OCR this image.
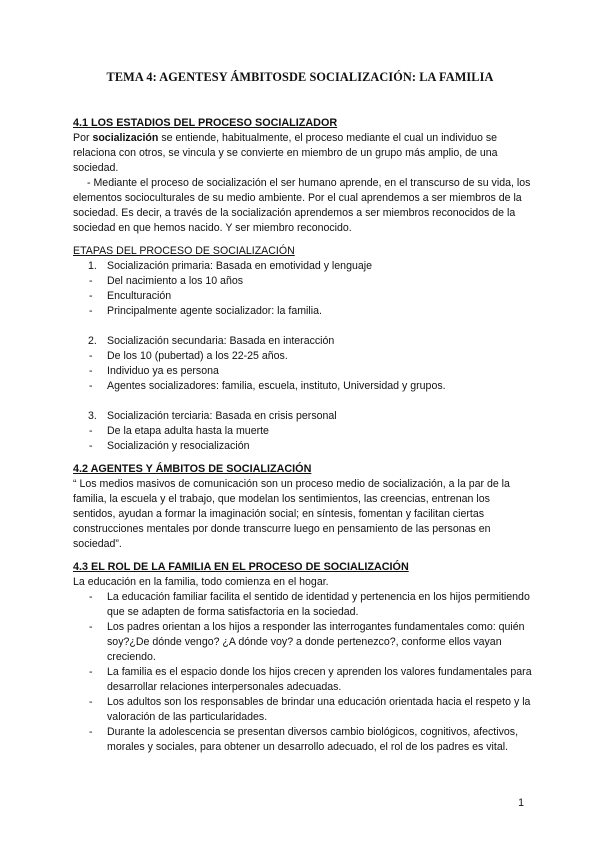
TEMA 4: AGENTESY ÁMBITOSDE SOCIALIZACIÓN: LA FAMILIA

4.1 LOS ESTADIOS DEL PROCESO SOCIALIZADOR

Por socialización se entiende, habitualmente, el proceso mediante el cual un individuo se relaciona con otros, se vincula y se convierte en miembro de un grupo más amplio, de una sociedad.

- Mediante el proceso de socialización el ser humano aprende, en el transcurso de su vida, los elementos socioculturales de su medio ambiente. Por el cual aprendemos a ser miembros de la sociedad. Es decir, a través de la socialización aprendemos a ser miembros reconocidos de la sociedad en que hemos nacido. Y ser miembro reconocido.

ETAPAS DEL PROCESO DE SOCIALIZACIÓN

1. Socialización primaria: Basada en emotividad y lenguaje
- Del nacimiento a los 10 años
- Enculturación
- Principalmente agente socializador: la familia.
2. Socialización secundaria: Basada en interacción
- De los 10 (pubertad) a los 22-25 años.
- Individuo ya es persona
- Agentes socializadores: familia, escuela, instituto, Universidad y grupos.
3. Socialización terciaria: Basada en crisis personal
- De la etapa adulta hasta la muerte
- Socialización y resocialización

4.2 AGENTES Y ÁMBITOS DE SOCIALIZACIÓN

“ Los medios masivos de comunicación son un proceso medio de socialización, a la par de la familia, la escuela y el trabajo, que modelan los sentimientos, las creencias, entrenan los sentidos, ayudan a formar la imaginación social; en síntesis, fomentan y facilitan ciertas construcciones mentales por donde transcurre luego en pensamiento de las personas en sociedad”.

4.3 EL ROL DE LA FAMILIA EN EL PROCESO DE SOCIALIZACIÓN

La educación en la familia, todo comienza en el hogar.

- La educación familiar facilita el sentido de identidad y pertenencia en los hijos permitiendo que se adapten de forma satisfactoria en la sociedad.
- Los padres orientan a los hijos a responder las interrogantes fundamentales como: quién soy?¿De dónde vengo? ¿A dónde voy? a donde pertenezco?, conforme ellos vayan creciendo.
- La familia es el espacio donde los hijos crecen y aprenden los valores fundamentales para desarrollar relaciones interpersonales adecuadas.
- Los adultos son los responsables de brindar una educación orientada hacia el respeto y la valoración de las particularidades.
- Durante la adolescencia se presentan diversos cambio biológicos, cognitivos, afectivos, morales y sociales, para obtener un desarrollo adecuado, el rol de los padres es vital.
1
